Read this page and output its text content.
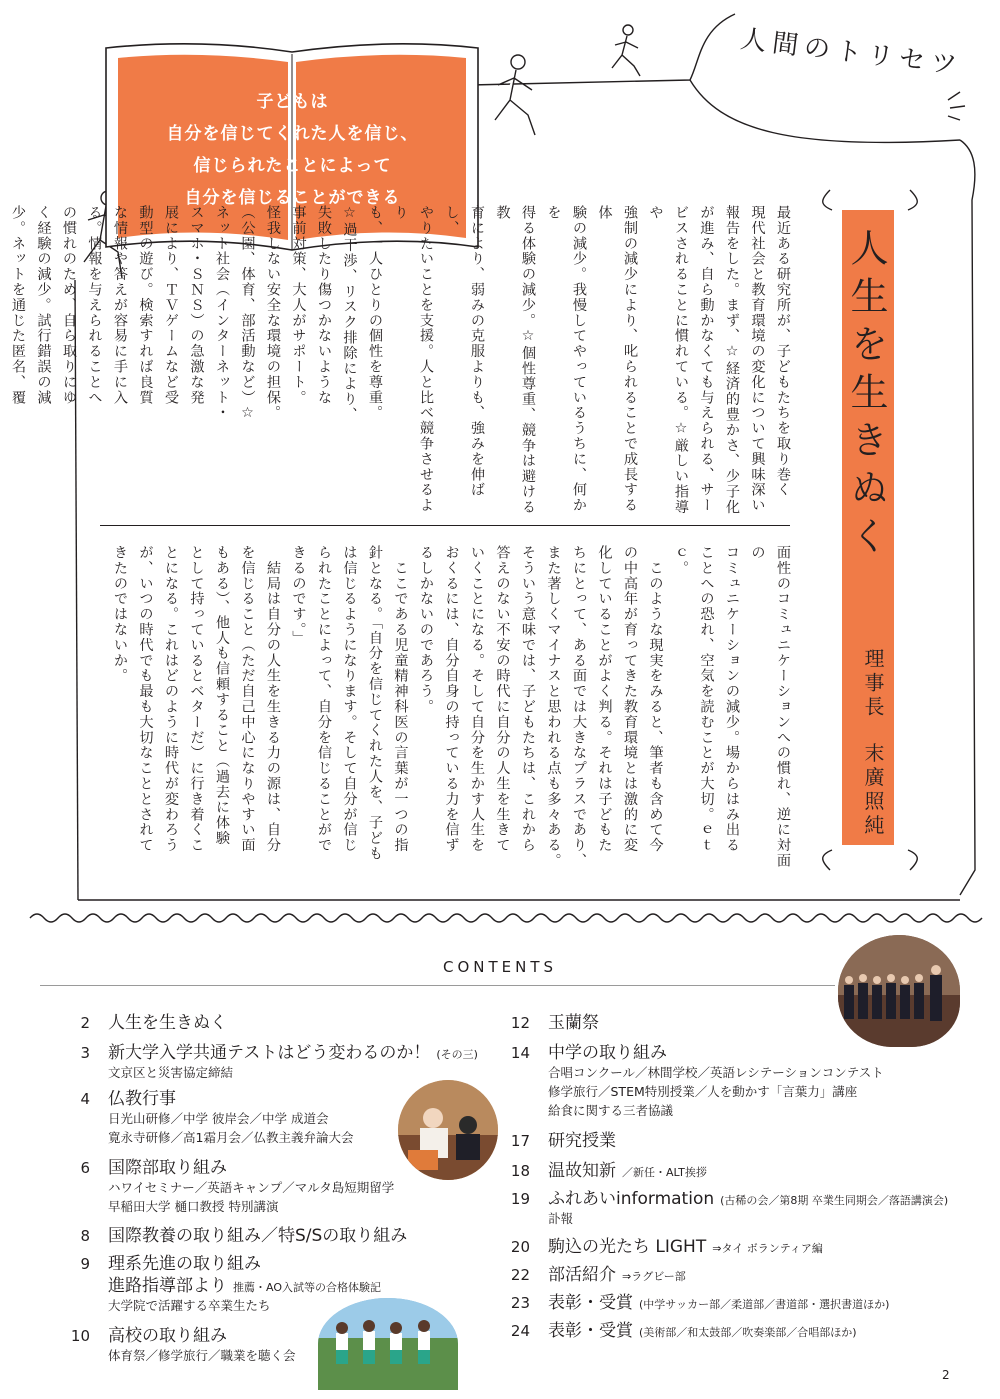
子どもは
自分を信じてくれた人を信じ、
信じられたことによって
自分を信じることができる
人間のトリセツ
人生を生きぬく
理事長 末廣照純

最近ある研究所が、子どもたちを取り巻く

現代社会と教育環境の変化について興味深い

報告をした。まず、☆経済的豊かさ、少子化

が進み、自ら動かなくても与えられる、サー

ビスされることに慣れている。☆厳しい指導や

強制の減少により、叱られることで成長する体

験の減少。我慢してやっているうちに、何かを

得る体験の減少。☆個性尊重、競争は避ける教

育により、弱みの克服よりも、強みを伸ばし、

やりたいことを支援。人と比べ競争させるより

も、一人ひとりの個性を尊重。

☆過干渉、リスク排除により、

失敗したり傷つかないような

事前対策、大人がサポート。

怪我しない安全な環境の担保。

（公園、体育、部活動など）☆

ネット社会（インターネット・

スマホ・ＳＮＳ）の急激な発

展により、ＴＶゲームなど受

動型の遊び。検索すれば良質

な情報や答えが容易に手に入

る。情報を与えられることへ

の慣れのため、自ら取りにゆ

く経験の減少。試行錯誤の減

少。ネットを通じた匿名、覆

面性のコミュニケーションへの慣れ、逆に対面の

コミュニケーションの減少。場からはみ出る

ことへの恐れ、空気を読むことが大切。ｅｔｃ。

　このような現実をみると、筆者も含めて今

の中高年が育ってきた教育環境とは激的に変

化していることがよく判る。それは子どもた

ちにとって、ある面では大きなプラスであり、

また著しくマイナスと思われる点も多々ある。

そういう意味では、子どもたちは、これから

答えのない不安の時代に自分の人生を生きて

いくことになる。そして自分を生かす人生を

おくるには、自分自身の持っている力を信ず

るしかないのであろう。

　ここである児童精神科医の言葉が一つの指

針となる。「自分を信じてくれた人を、子ども

は信じるようになります。そして自分が信じ

られたことによって、自分を信じることがで

きるのです。」

　結局は自分の人生を生きる力の源は、自分

を信じること（ただ自己中心になりやすい面

もある）、他人も信頼すること（過去に体験

として持っているとベターだ）に行き着くこ

とになる。これはどのように時代が変わろう

が、いつの時代でも最も大切なこととされて

きたのではないか。

CONTENTS
2 人生を生きぬく
3 新大学入学共通テストはどう変わるのか！ (その三)
文京区と災害協定締結
4 仏教行事
日光山研修／中学 彼岸会／中学 成道会
寛永寺研修／高1霜月会／仏教主義弁論大会
6 国際部取り組み
ハワイセミナー／英語キャンプ／マルタ島短期留学
早稲田大学 樋口教授 特別講演
8 国際教養の取り組み／特S/Sの取り組み
9 理系先進の取り組み
進路指導部より 推薦・AO入試等の合格体験記
大学院で活躍する卒業生たち
10 高校の取り組み
体育祭／修学旅行／職業を聴く会
12 玉蘭祭
14 中学の取り組み
合唱コンクール／林間学校／英語レシテーションコンテスト
修学旅行／STEM特別授業／人を動かす「言葉力」講座
給食に関する三者協議
17 研究授業
18 温故知新 ／新任・ALT挨拶
19 ふれあいinformation (古稀の会／第8期 卒業生同期会／落語講演会)
訃報
20 駒込の光たち LIGHT ⇒タイ ボランティア編
22 部活紹介 ⇒ラグビー部
23 表彰・受賞 (中学サッカー部／柔道部／書道部・選択書道ほか)
24 表彰・受賞 (美術部／和太鼓部／吹奏楽部／合唱部ほか)
2
